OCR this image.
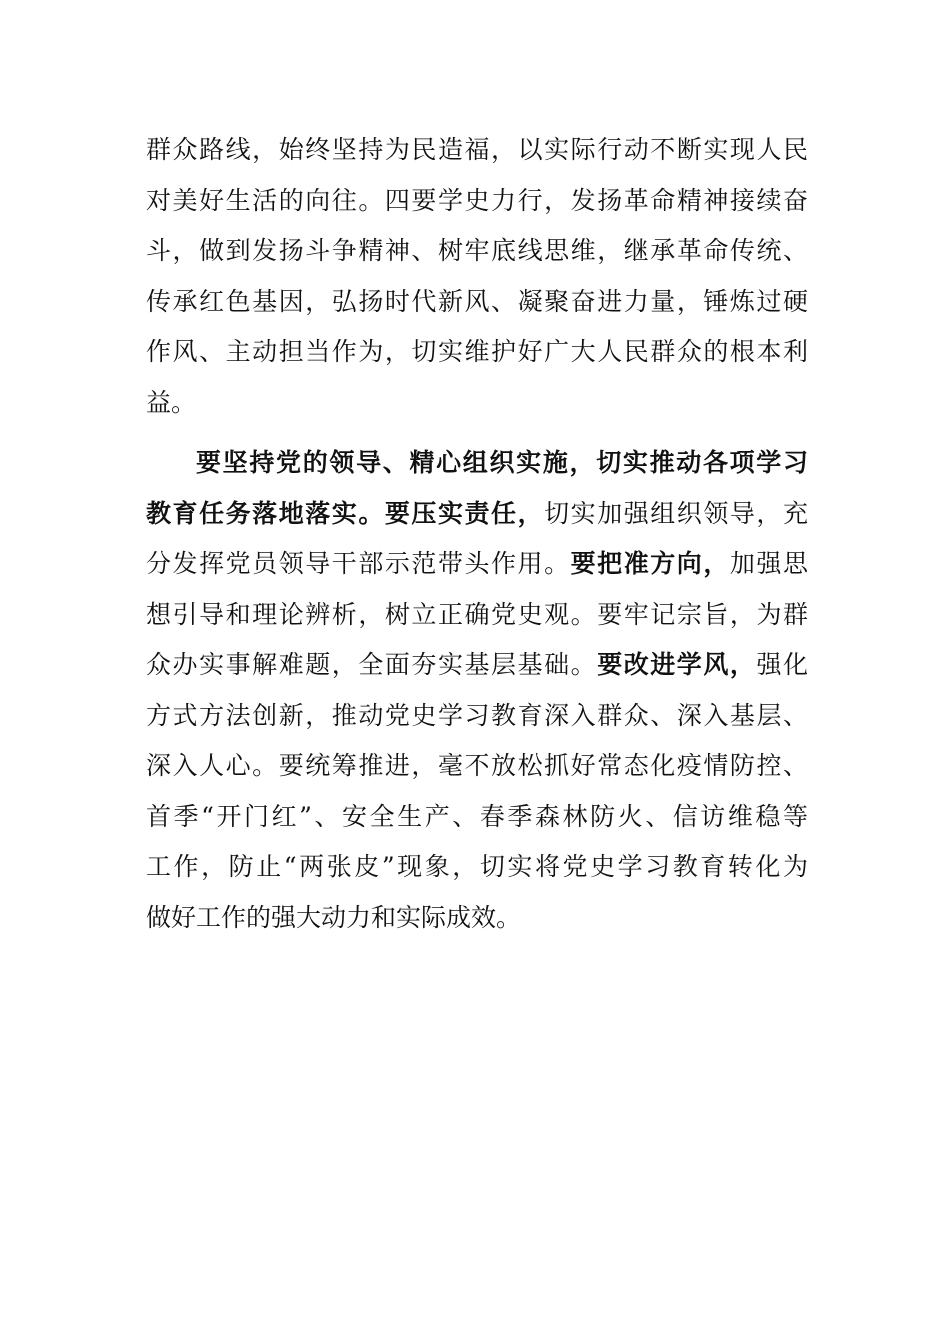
群众路线，始终坚持为民造福，以实际行动不断实现人民
对美好生活的向往。四要学史力行，发扬革命精神接续奋
斗，做到发扬斗争精神、树牢底线思维，继承革命传统、
传承红色基因，弘扬时代新风、凝聚奋进力量，锤炼过硬
作风、主动担当作为，切实维护好广大人民群众的根本利
益。
要坚持党的领导、精心组织实施，切实推动各项学习
教育任务落地落实。要压实责任，切实加强组织领导，充
分发挥党员领导干部示范带头作用。要把准方向，加强思
想引导和理论辨析，树立正确党史观。要牢记宗旨，为群
众办实事解难题，全面夯实基层基础。要改进学风，强化
方式方法创新，推动党史学习教育深入群众、深入基层、
深入人心。要统筹推进，毫不放松抓好常态化疫情防控、
首季“开门红”、安全生产、春季森林防火、信访维稳等
工作，防止“两张皮”现象，切实将党史学习教育转化为
做好工作的强大动力和实际成效。
